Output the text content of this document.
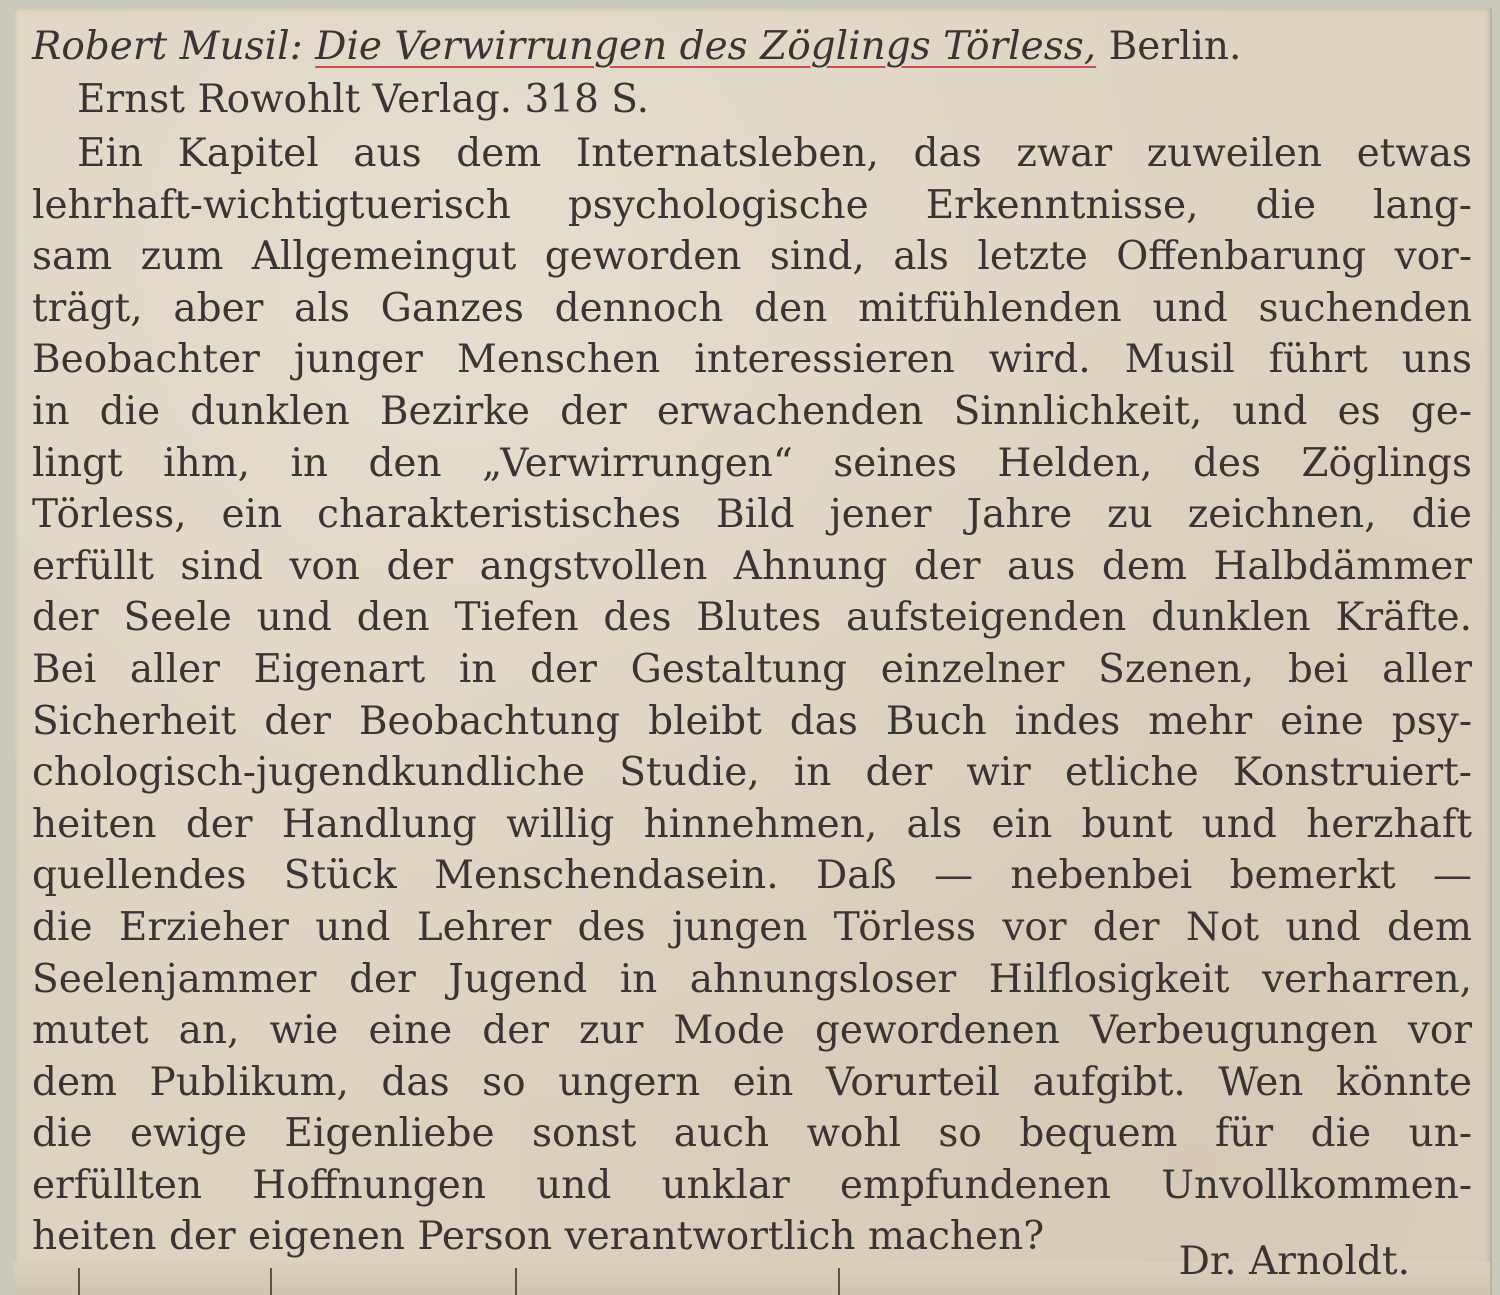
Robert Musil: Die Verwirrungen des Zöglings Törless, Berlin.
Ernst Rowohlt Verlag. 318 S.
Ein Kapitel aus dem Internatsleben, das zwar zuweilen etwas
lehrhaft-wichtigtuerisch psychologische Erkenntnisse, die lang-
sam zum Allgemeingut geworden sind, als letzte Offenbarung vor-
trägt, aber als Ganzes dennoch den mitfühlenden und suchenden
Beobachter junger Menschen interessieren wird. Musil führt uns
in die dunklen Bezirke der erwachenden Sinnlichkeit, und es ge-
lingt ihm, in den „Verwirrungen“ seines Helden, des Zöglings
Törless, ein charakteristisches Bild jener Jahre zu zeichnen, die
erfüllt sind von der angstvollen Ahnung der aus dem Halbdämmer
der Seele und den Tiefen des Blutes aufsteigenden dunklen Kräfte.
Bei aller Eigenart in der Gestaltung einzelner Szenen, bei aller
Sicherheit der Beobachtung bleibt das Buch indes mehr eine psy-
chologisch-jugendkundliche Studie, in der wir etliche Konstruiert-
heiten der Handlung willig hinnehmen, als ein bunt und herzhaft
quellendes Stück Menschendasein. Daß — nebenbei bemerkt —
die Erzieher und Lehrer des jungen Törless vor der Not und dem
Seelenjammer der Jugend in ahnungsloser Hilflosigkeit verharren,
mutet an, wie eine der zur Mode gewordenen Verbeugungen vor
dem Publikum, das so ungern ein Vorurteil aufgibt. Wen könnte
die ewige Eigenliebe sonst auch wohl so bequem für die un-
erfüllten Hoffnungen und unklar empfundenen Unvollkommen-
heiten der eigenen Person verantwortlich machen?
Dr. Arnoldt.
